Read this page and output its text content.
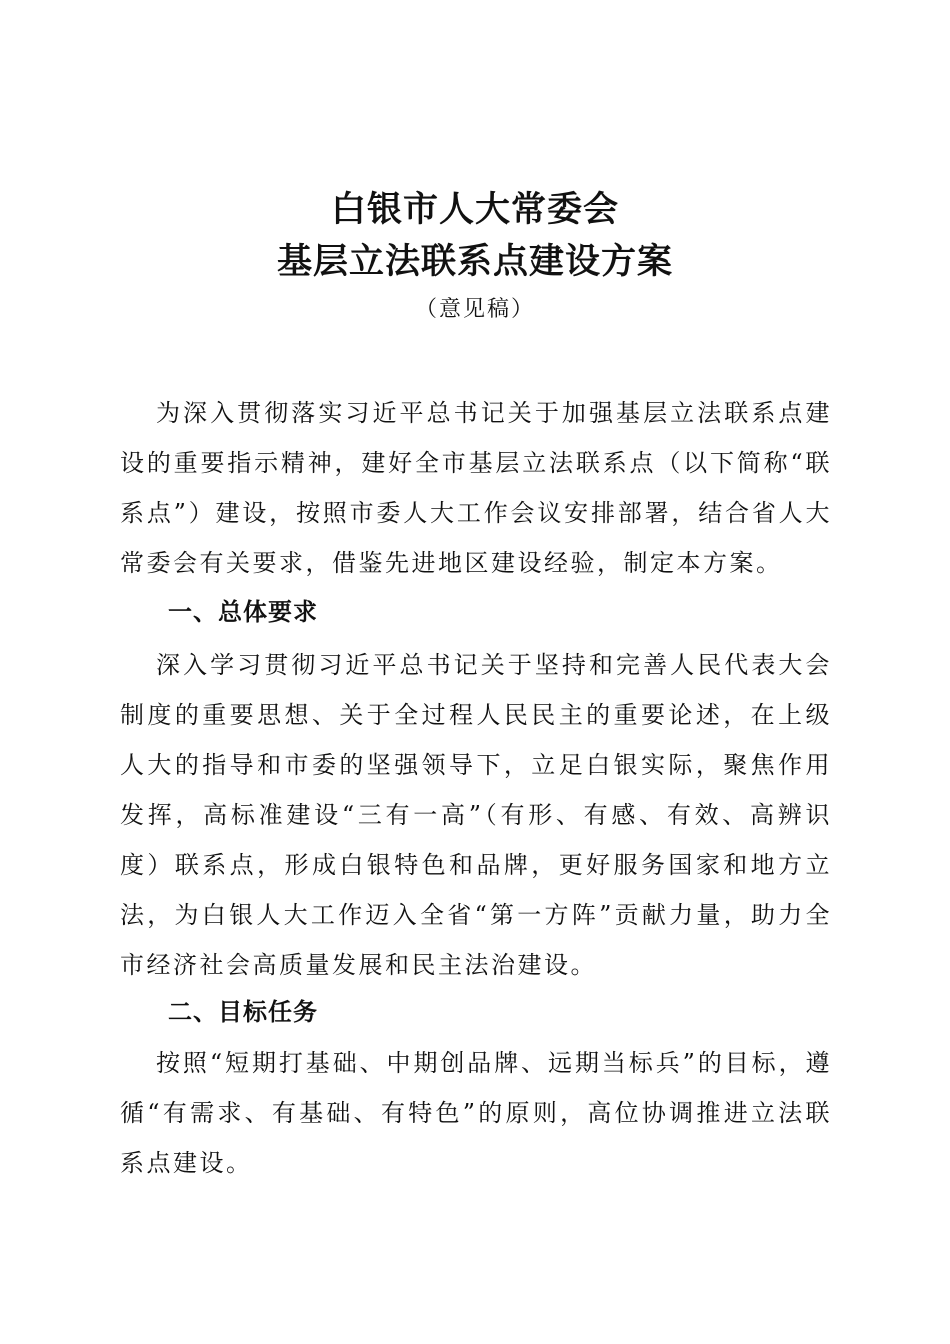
白银市人大常委会
基层立法联系点建设方案
（意见稿）

为深入贯彻落实习近平总书记关于加强基层立法联系点建设的重要指示精神，建好全市基层立法联系点（以下简称“联系点”）建设，按照市委人大工作会议安排部署，结合省人大常委会有关要求，借鉴先进地区建设经验，制定本方案。

一、总体要求

深入学习贯彻习近平总书记关于坚持和完善人民代表大会制度的重要思想、关于全过程人民民主的重要论述，在上级人大的指导和市委的坚强领导下，立足白银实际，聚焦作用发挥，高标准建设“三有一高”（有形、有感、有效、高辨识度）联系点，形成白银特色和品牌，更好服务国家和地方立法，为白银人大工作迈入全省“第一方阵”贡献力量，助力全市经济社会高质量发展和民主法治建设。

二、目标任务

按照“短期打基础、中期创品牌、远期当标兵”的目标，遵循“有需求、有基础、有特色”的原则，高位协调推进立法联系点建设。
